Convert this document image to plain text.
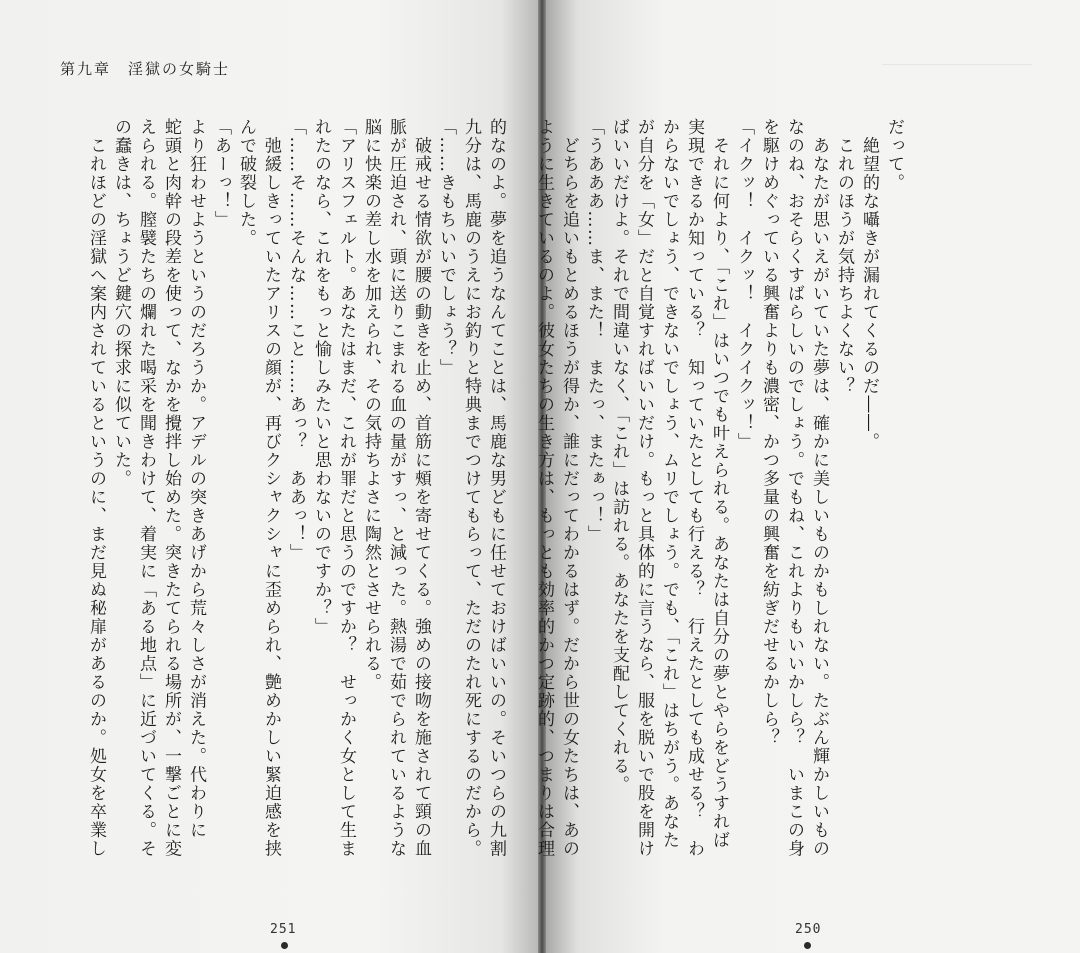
第九章　淫獄の女騎士

的なのよ。夢を追うなんてことは、馬鹿な男どもに任せておけばいいの。そいつらの九割

九分は、馬鹿のうえにお釣りと特典までつけてもらって、ただのたれ死にするのだから。

「……きもちいいでしょう？」

　破戒せる情欲が腰の動きを止め、首筋に頰を寄せてくる。強めの接吻を施されて頸の血

脈が圧迫され、頭に送りこまれる血の量がすっ、と減った。熱湯で茹でられているような

脳に快楽の差し水を加えられ、その気持ちよさに陶然とさせられる。

「アリスフェルト。あなたはまだ、これが罪だと思うのですか？　せっかく女として生ま

れたのなら、これをもっと愉しみたいと思わないのですか？」

「……そ……そんな……こと……あっ？　ああっ！」

　弛緩しきっていたアリスの顔が、再びクシャクシャに歪められ、艶めかしい緊迫感を挟

んで破裂した。

「あーっ！」

より狂わせようというのだろうか。アデルの突きあげから荒々しさが消えた。代わりに

蛇頭と肉幹の段差を使って、なかを攪拌し始めた。突きたてられる場所が、一撃ごとに変

えられる。膣襞たちの爛れた喝采を聞きわけて、着実に「ある地点」に近づいてくる。そ

の蠢きは、ちょうど鍵穴の探求に似ていた。

　これほどの淫獄へ案内されているというのに、まだ見ぬ秘扉があるのか。処女を卒業し

251

だって。

　絶望的な囁きが漏れてくるのだ――。

　これのほうが気持ちよくない？

　あなたが思いえがいていた夢は、確かに美しいものかもしれない。たぶん輝かしいもの

なのね、おそらくすばらしいのでしょう。でもね、これよりもいいかしら？　いまこの身

を駆けめぐっている興奮よりも濃密、かつ多量の興奮を紡ぎだせるかしら？

「イクッ！　イクッ！　イクイクッ！」

　それに何より、「これ」はいつでも叶えられる。あなたは自分の夢とやらをどうすれば

実現できるか知っている？　知っていたとしても行える？　行えたとしても成せる？　わ

からないでしょう、できないでしょう、ムリでしょう。でも、「これ」はちがう。あなた

が自分を「女」だと自覚すればいいだけ。もっと具体的に言うなら、服を脱いで股を開け

ばいいだけよ。それで間違いなく、「これ」は訪れる。あなたを支配してくれる。

「うあああ……ま、また！　またっ、またぁっ！」

　どちらを追いもとめるほうが得か、誰にだってわかるはず。だから世の女たちは、あの

ように生きているのよ。彼女たちの生き方は、もっとも効率的かつ定跡的、つまりは合理

250
